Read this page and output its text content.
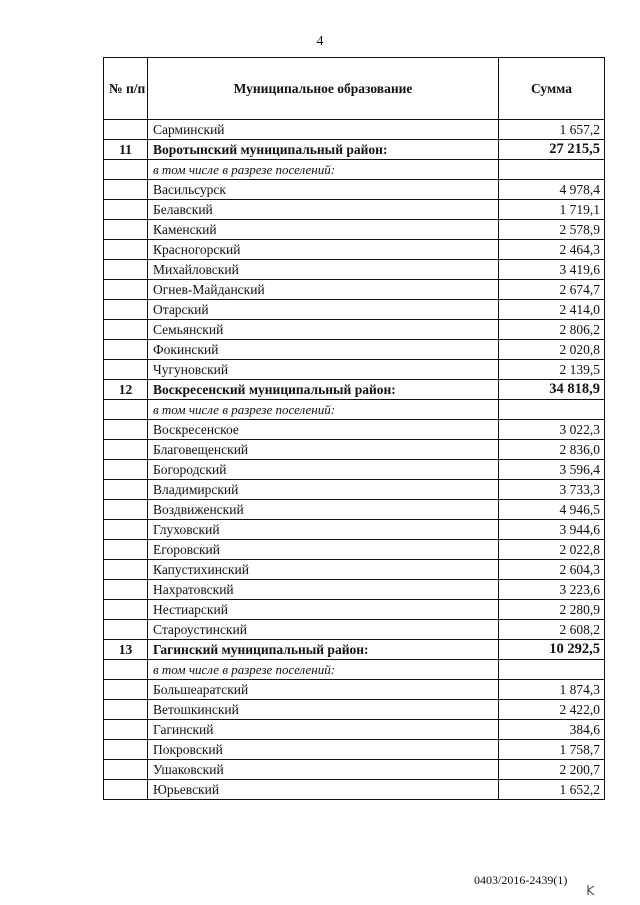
4
№ п/п	Муниципальное образование	Сумма
	Сарминский	1 657,2
11	Воротынский муниципальный район:	27 215,5
	в том числе в разрезе поселений:	
	Васильсурск	4 978,4
	Белавский	1 719,1
	Каменский	2 578,9
	Красногорский	2 464,3
	Михайловский	3 419,6
	Огнев-Майданский	2 674,7
	Отарский	2 414,0
	Семьянский	2 806,2
	Фокинский	2 020,8
	Чугуновский	2 139,5
12	Воскресенский муниципальный район:	34 818,9
	в том числе в разрезе поселений:	
	Воскресенское	3 022,3
	Благовещенский	2 836,0
	Богородский	3 596,4
	Владимирский	3 733,3
	Воздвиженский	4 946,5
	Глуховский	3 944,6
	Егоровский	2 022,8
	Капустихинский	2 604,3
	Нахратовский	3 223,6
	Нестиарский	2 280,9
	Староустинский	2 608,2
13	Гагинский муниципальный район:	10 292,5
	в том числе в разрезе поселений:	
	Большеаратский	1 874,3
	Ветошкинский	2 422,0
	Гагинский	384,6
	Покровский	1 758,7
	Ушаковский	2 200,7
	Юрьевский	1 652,2
0403/2016-2439(1)
